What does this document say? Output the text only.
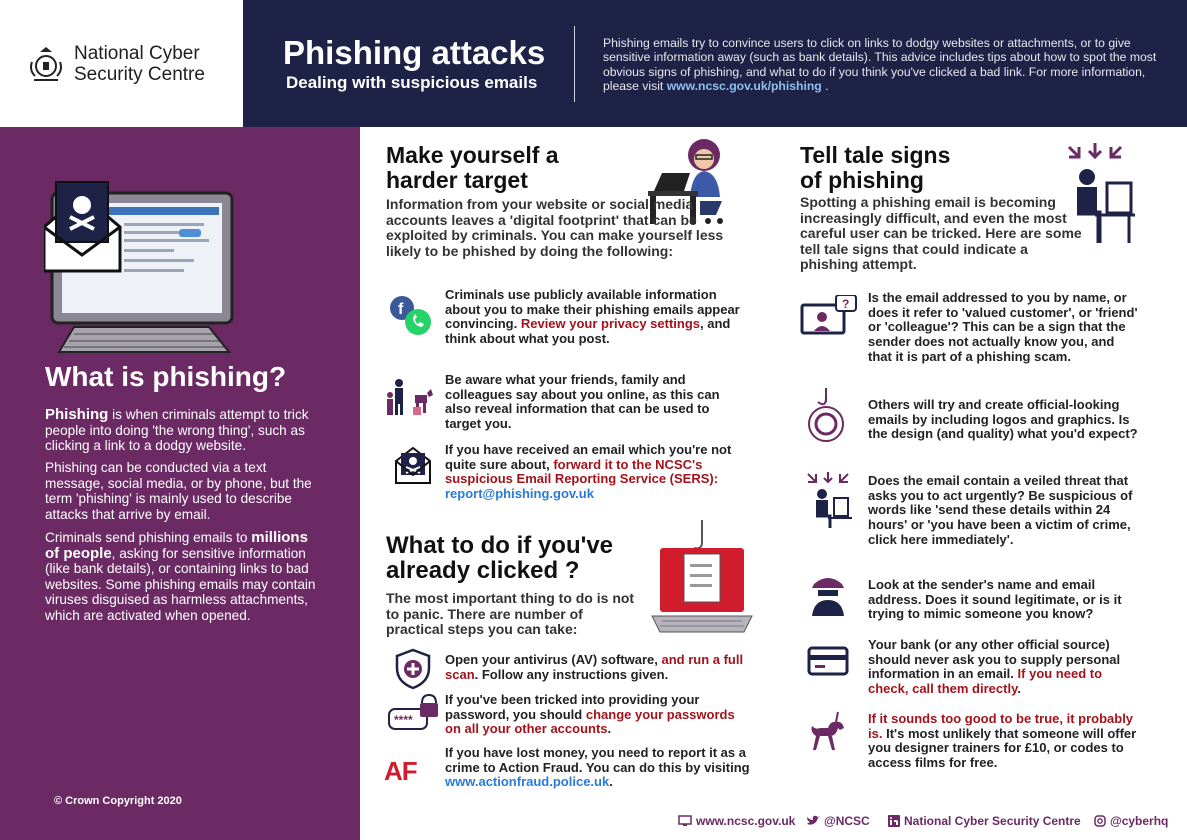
National Cyber
Security Centre
Phishing attacks
Dealing with suspicious emails
Phishing emails try to convince users to click on links to dodgy websites or attachments, or to give sensitive information away (such as bank details). This advice includes tips about how to spot the most obvious signs of phishing, and what to do if you think you've clicked a bad link. For more information, please visit www.ncsc.gov.uk/phishing .
What is phishing?
Phishing is when criminals attempt to trick people into doing 'the wrong thing', such as clicking a link to a dodgy website.
Phishing can be conducted via a text message, social media, or by phone, but the term 'phishing' is mainly used to describe attacks that arrive by email.
Criminals send phishing emails to millions of people, asking for sensitive information (like bank details), or containing links to bad websites. Some phishing emails may contain viruses disguised as harmless attachments, which are activated when opened.
© Crown Copyright 2020
Make yourself a
harder target
Information from your website or social media accounts leaves a 'digital footprint' that can be exploited by criminals. You can make yourself less likely to be phished by doing the following:
f
Criminals use publicly available information about you to make their phishing emails appear convincing. Review your privacy settings, and think about what you post.
Be aware what your friends, family and colleagues say about you online, as this can also reveal information that can be used to target you.
If you have received an email which you're not quite sure about, forward it to the NCSC's suspicious Email Reporting Service (SERS): report@phishing.gov.uk
What to do if you've
already clicked ?
The most important thing to do is not to panic. There are number of practical steps you can take:
Open your antivirus (AV) software, and run a full scan. Follow any instructions given.
****
If you've been tricked into providing your password, you should change your passwords on all your other accounts.
AF
If you have lost money, you need to report it as a crime to Action Fraud. You can do this by visiting www.actionfraud.police.uk.
Tell tale signs
of phishing
Spotting a phishing email is becoming increasingly difficult, and even the most careful user can be tricked. Here are some tell tale signs that could indicate a phishing attempt.
? Is the email addressed to you by name, or does it refer to 'valued customer', or 'friend' or 'colleague'? This can be a sign that the sender does not actually know you, and that it is part of a phishing scam.
Others will try and create official-looking emails by including logos and graphics. Is the design (and quality) what you'd expect?
Does the email contain a veiled threat that asks you to act urgently? Be suspicious of words like 'send these details within 24 hours' or 'you have been a victim of crime, click here immediately'.
Look at the sender's name and email address. Does it sound legitimate, or is it trying to mimic someone you know?
Your bank (or any other official source) should never ask you to supply personal information in an email. If you need to check, call them directly.
If it sounds too good to be true, it probably is. It's most unlikely that someone will offer you designer trainers for £10, or codes to access films for free.
www.ncsc.gov.uk @NCSC	National Cyber Security Centre @cyberhq
